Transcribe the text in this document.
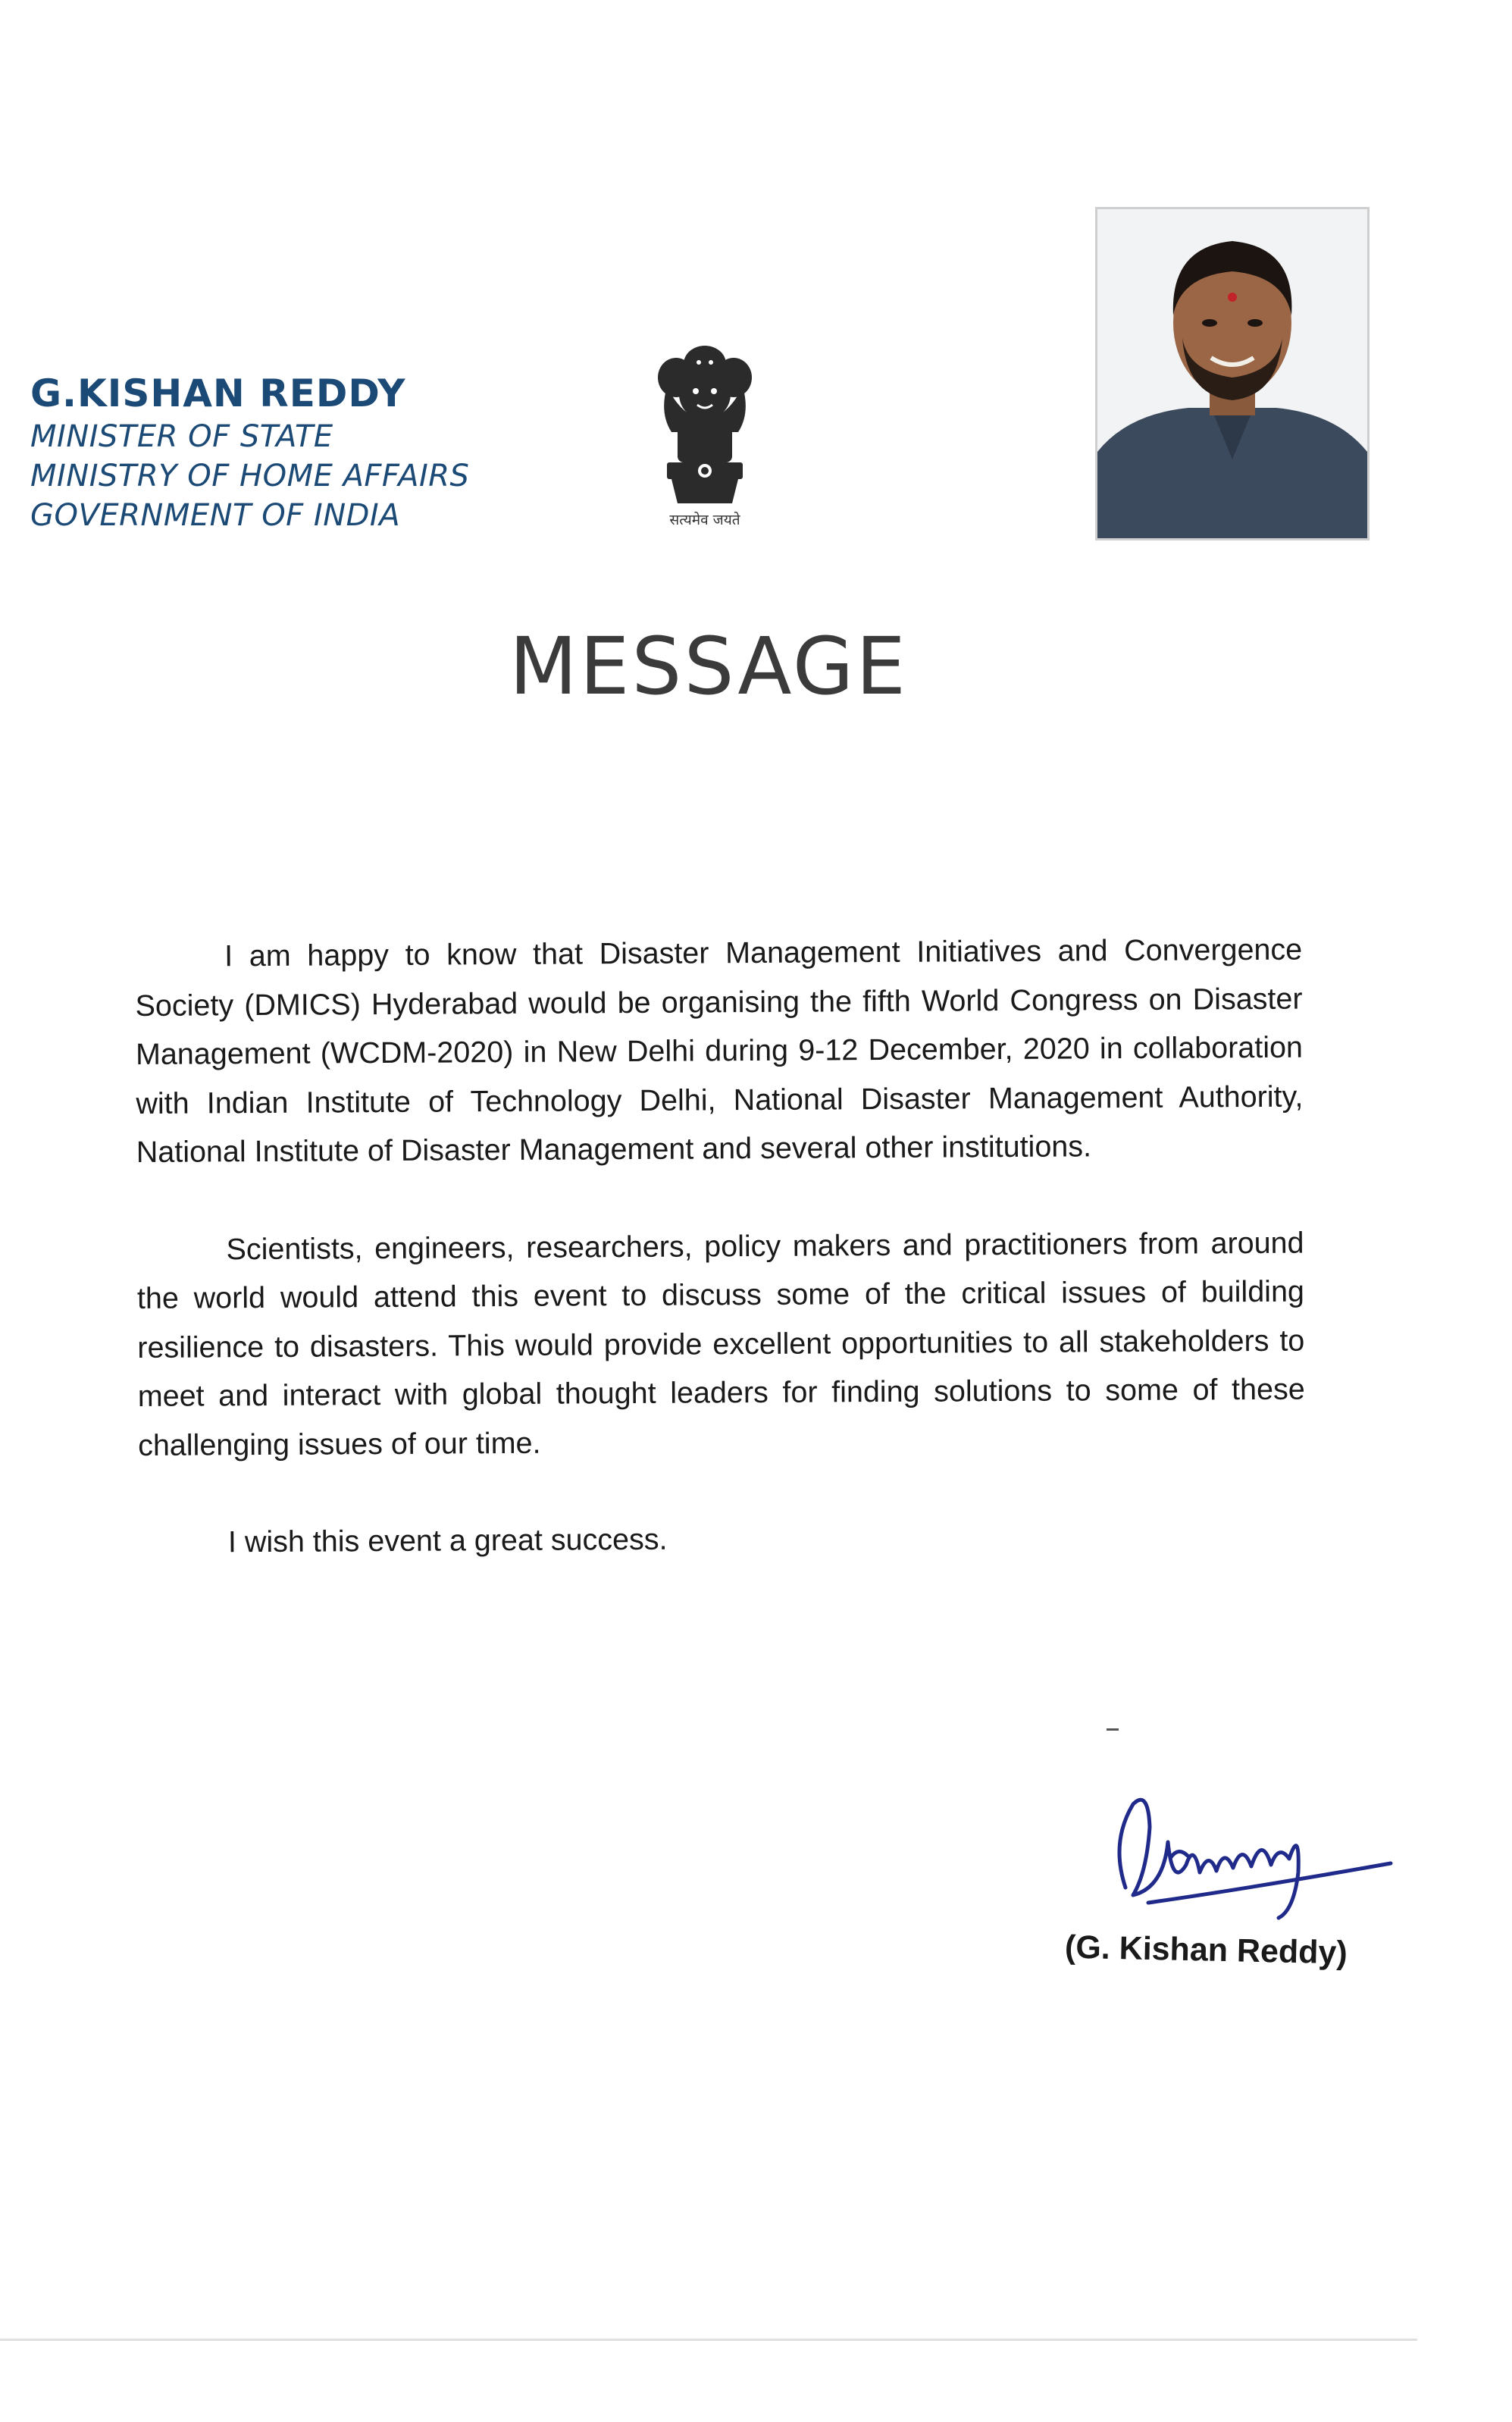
G.KISHAN REDDY

MINISTER OF STATE

MINISTRY OF HOME AFFAIRS

GOVERNMENT OF INDIA	सत्यमेव जयते
MESSAGE

I am happy to know that Disaster Management Initiatives and Convergence Society (DMICS) Hyderabad would be organising the fifth World Congress on Disaster Management (WCDM-2020) in New Delhi during 9-12 December, 2020 in collaboration with Indian Institute of Technology Delhi, National Disaster Management Authority, National Institute of Disaster Management and several other institutions.

Scientists, engineers, researchers, policy makers and practitioners from around the world would attend this event to discuss some of the critical issues of building resilience to disasters. This would provide excellent opportunities to all stakeholders to meet and interact with global thought leaders for finding solutions to some of these challenging issues of our time.

I wish this event a great success.

(G. Kishan Reddy)
